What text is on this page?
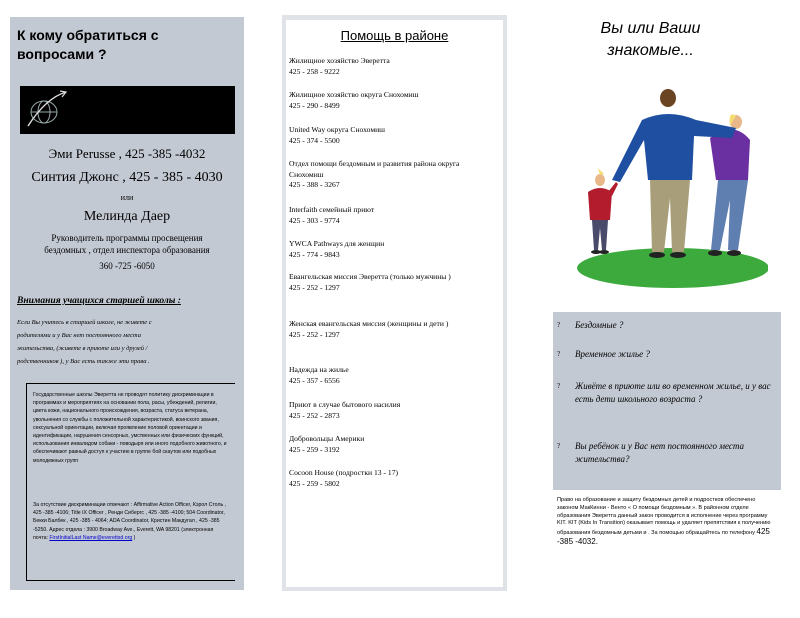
К кому обратиться с вопросами ?
Эми Perusse , 425 -385 -4032
Синтия Джонс , 425 - 385 - 4030
или
Мелинда Даер
Руководитель программы просвещения
бездомных , отдел инспектора образования
360 -725 -6050
Внимания учащихся старшей школы :
Если Вы учитесь в старшей школе, не живете с
родителями и у Вас нет постоянного места
жительства, (живете в приюте или у друзей /
родственников ), у Вас есть также эти права .
Государственные школы Эверетта не проводят политику дискриминации в программах и мероприятиях на основании пола, расы, убеждений, религии, цвета кожи, национального происхождения, возраста, статуса ветерана, увольнения со службы с положительной характеристикой, воинского звания, сексуальной ориентации, включая проявление половой ориентации и идентификации, нарушения сенсорных, умственных или физических функций, использования инвалидом собаки - поводыря или иного подобного животного, и обеспечивают равный доступ к участию в группе бой скаутов или подобных молодежных групп
За отсутствие дискриминации отвечают : Affirmative Action Officer, Кэрол Столь , 425 -385 -4106; Title IX Officer , Ренди Сибергс , 425 -385 -4100; 504 Coordinator, Бекки Балбек , 425 -385 - 4064; ADA Coordinator, Кристин Макдугал , 425 -385 -5250. Адрес отдела : 3900 Broadway Ave., Everett, WA 98201 (электронная почта: FirstInitialLast Name@everettsd.org )
Помощь в районе
Жилищное хозяйство Эверетта
425 - 258 - 9222
Жилищное хозяйство округа Снохомиш
425 - 290 - 8499
United Way округа Снохомиш
425 - 374 - 5500
Отдел помощи бездомным и развития района округа Снохомиш
425 - 388 - 3267
Interfaith семейный приют
425 - 303 - 9774
YWCA Pathways для женщин
425 - 774 - 9843
Евангельская миссия Эверетта (только мужчины )
425 - 252 - 1297
Женская евангельская миссия (женщины и дети )
425 - 252 - 1297
Надежда на жилье
425 - 357 - 6556
Приют в случае бытового насилия
425 - 252 - 2873
Добровольцы Америки
425 - 259 - 3192
Cocoon House (подростки 13 - 17)
425 - 259 - 5802
Вы или Ваши знакомые...
? Бездомные ?
? Временное жилье ?
? Живёте в приюте или во временном жилье, и у вас есть дети школьного возраста ?
? Вы ребёнок и у Вас нет постоянного места жительства?
Право на образование и защиту бездомных детей и подростков обеспечено законом МакКинни - Венто « О помощи бездомным ». В районном отделе образования Эверетта данный закон проводится в исполнение через программу KIT. KIT (Kids In Transition) оказывает помощь и удаляет препятствия к получению образования бездомным детьми и . За помощью обращайтесь по телефону 425 -385 -4032.
